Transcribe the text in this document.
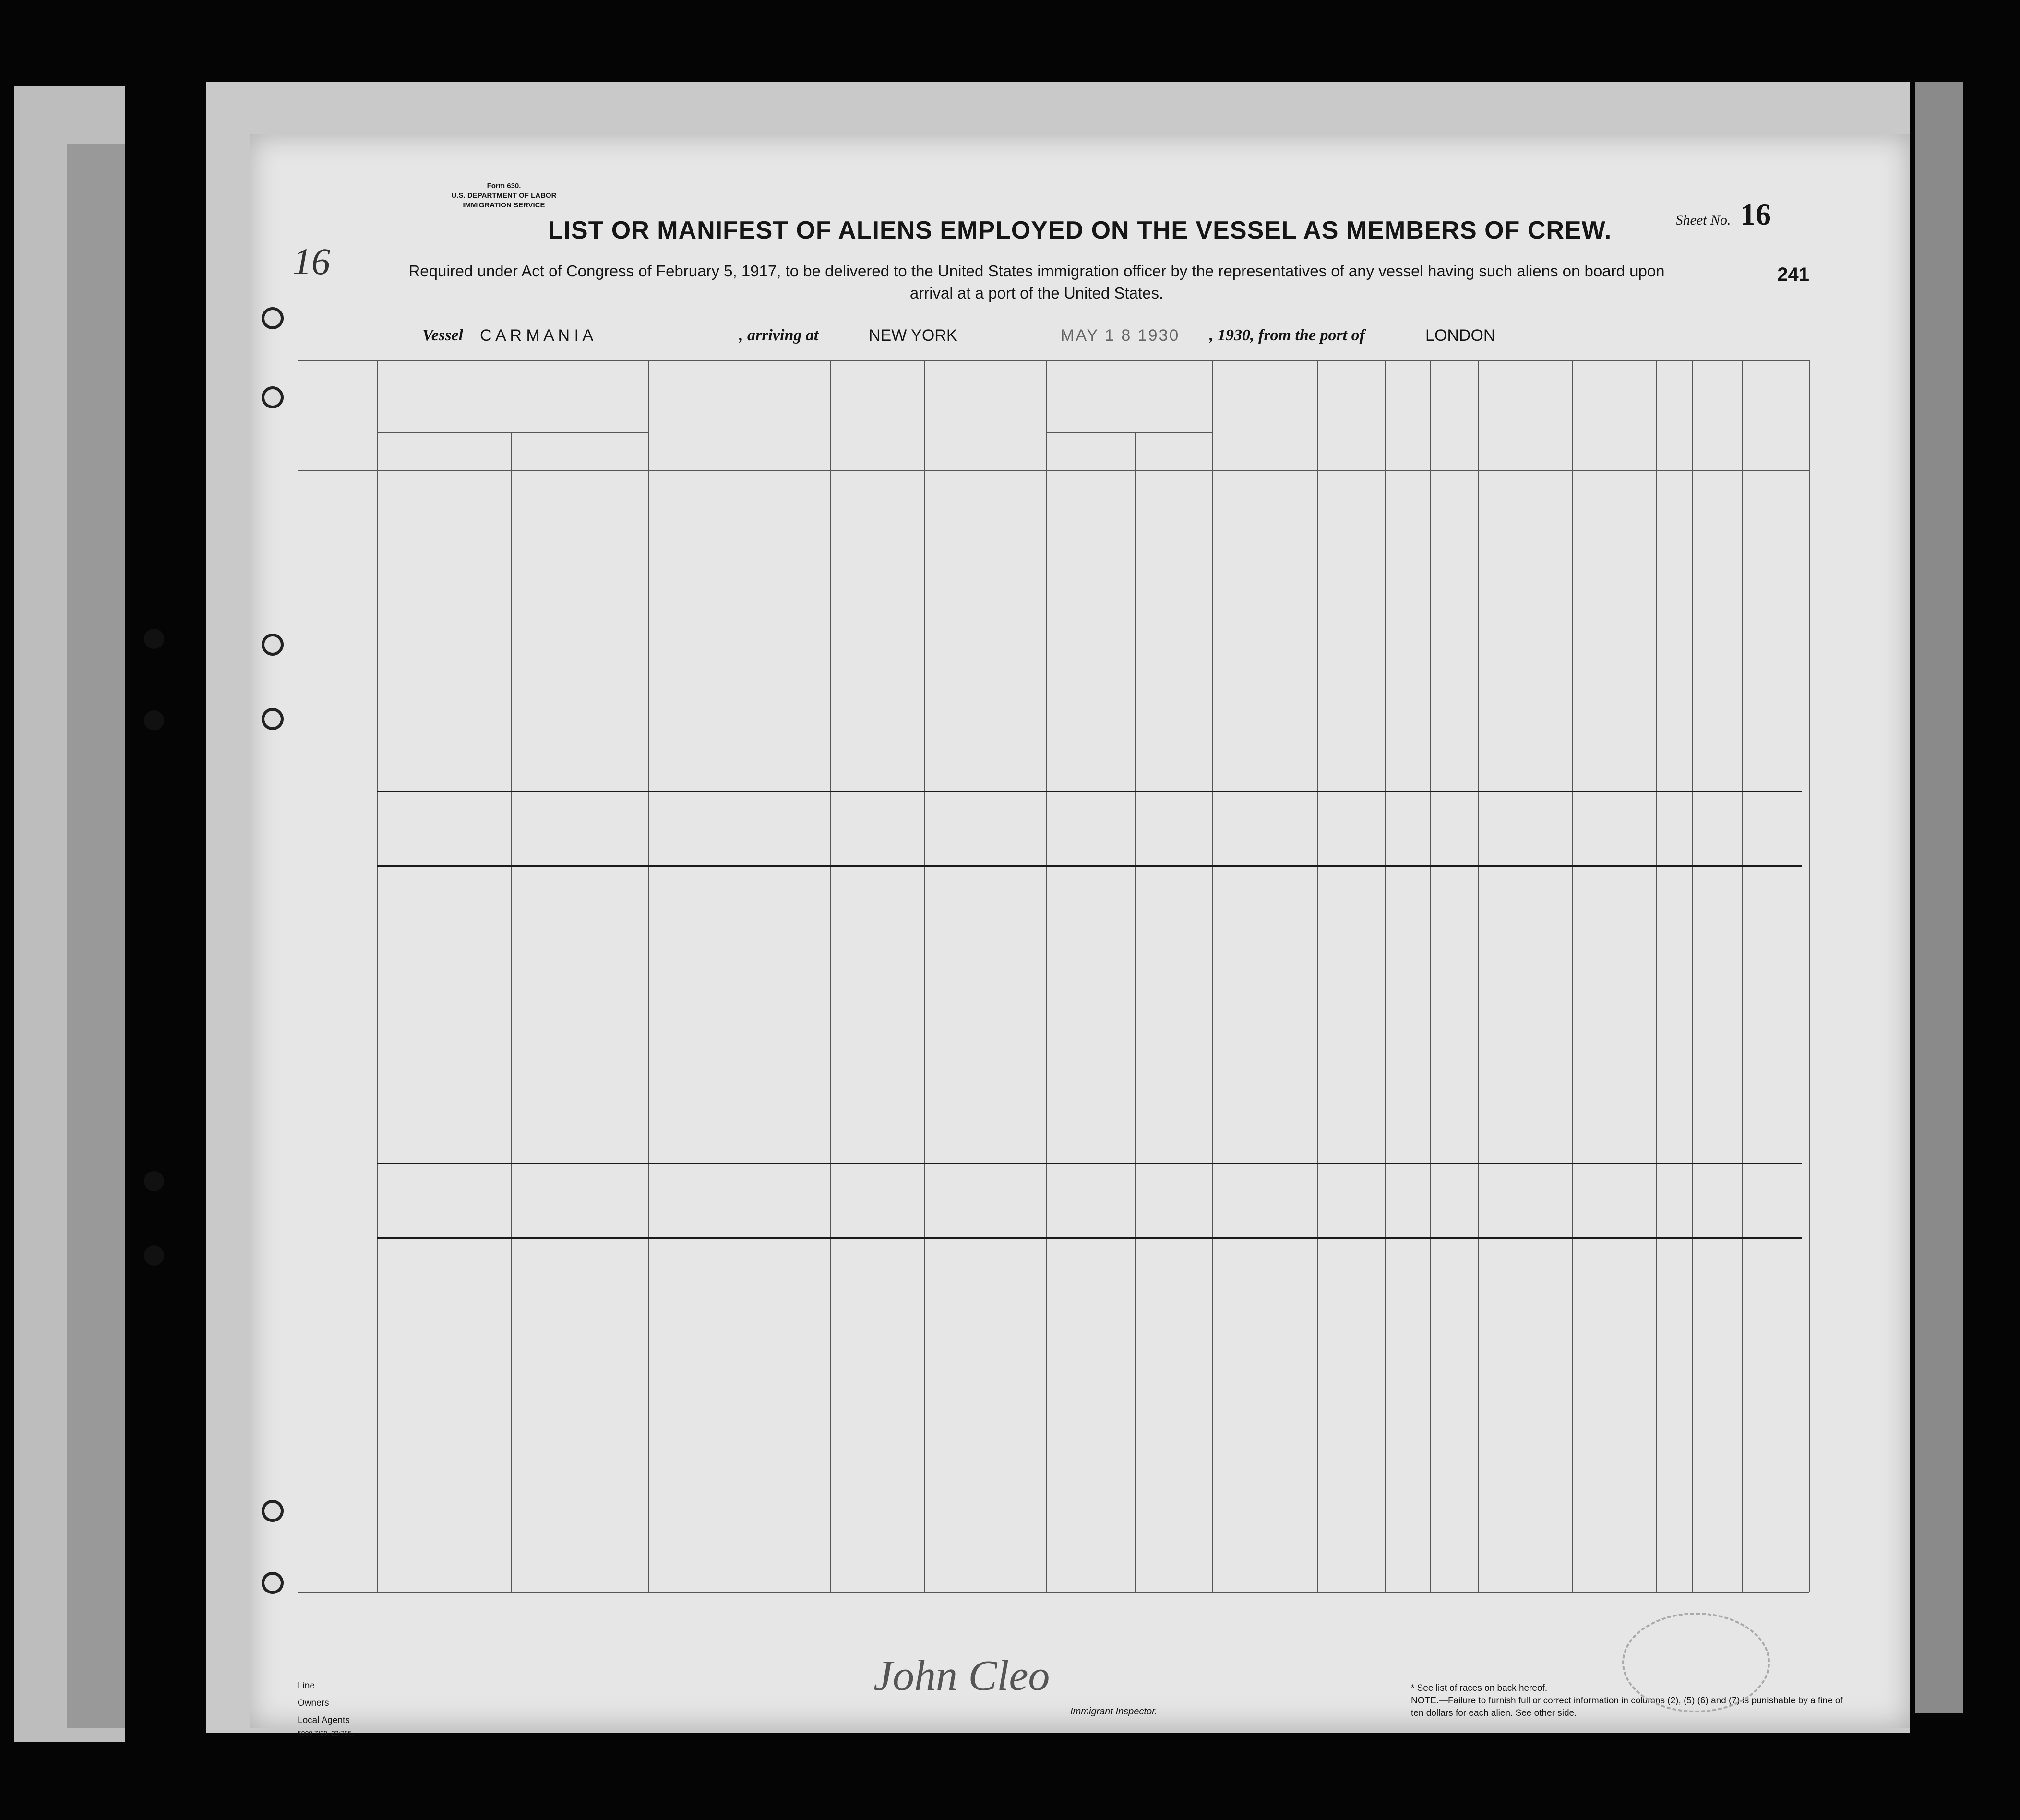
Form 630.
U.S. DEPARTMENT OF LABOR
IMMIGRATION SERVICE
Sheet No. 16
16
LIST OR MANIFEST OF ALIENS EMPLOYED ON THE VESSEL AS MEMBERS OF CREW.
Required under Act of Congress of February 5, 1917, to be delivered to the United States immigration officer by the representatives of any vessel having such aliens on board upon arrival at a port of the United States.
241
Vessel C A R M A N I A	, arriving at	NEW YORK	MAY 1 8 1930 , 1930, from the port of	LONDON
Line
Owners
Local Agents
5909 7/29. 22/785.
John Cleo
Immigrant Inspector.
* See list of races on back hereof.
NOTE.—Failure to furnish full or correct information in columns (2), (5) (6) and (7) is punishable by a fine of ten dollars for each alien. See other side.
